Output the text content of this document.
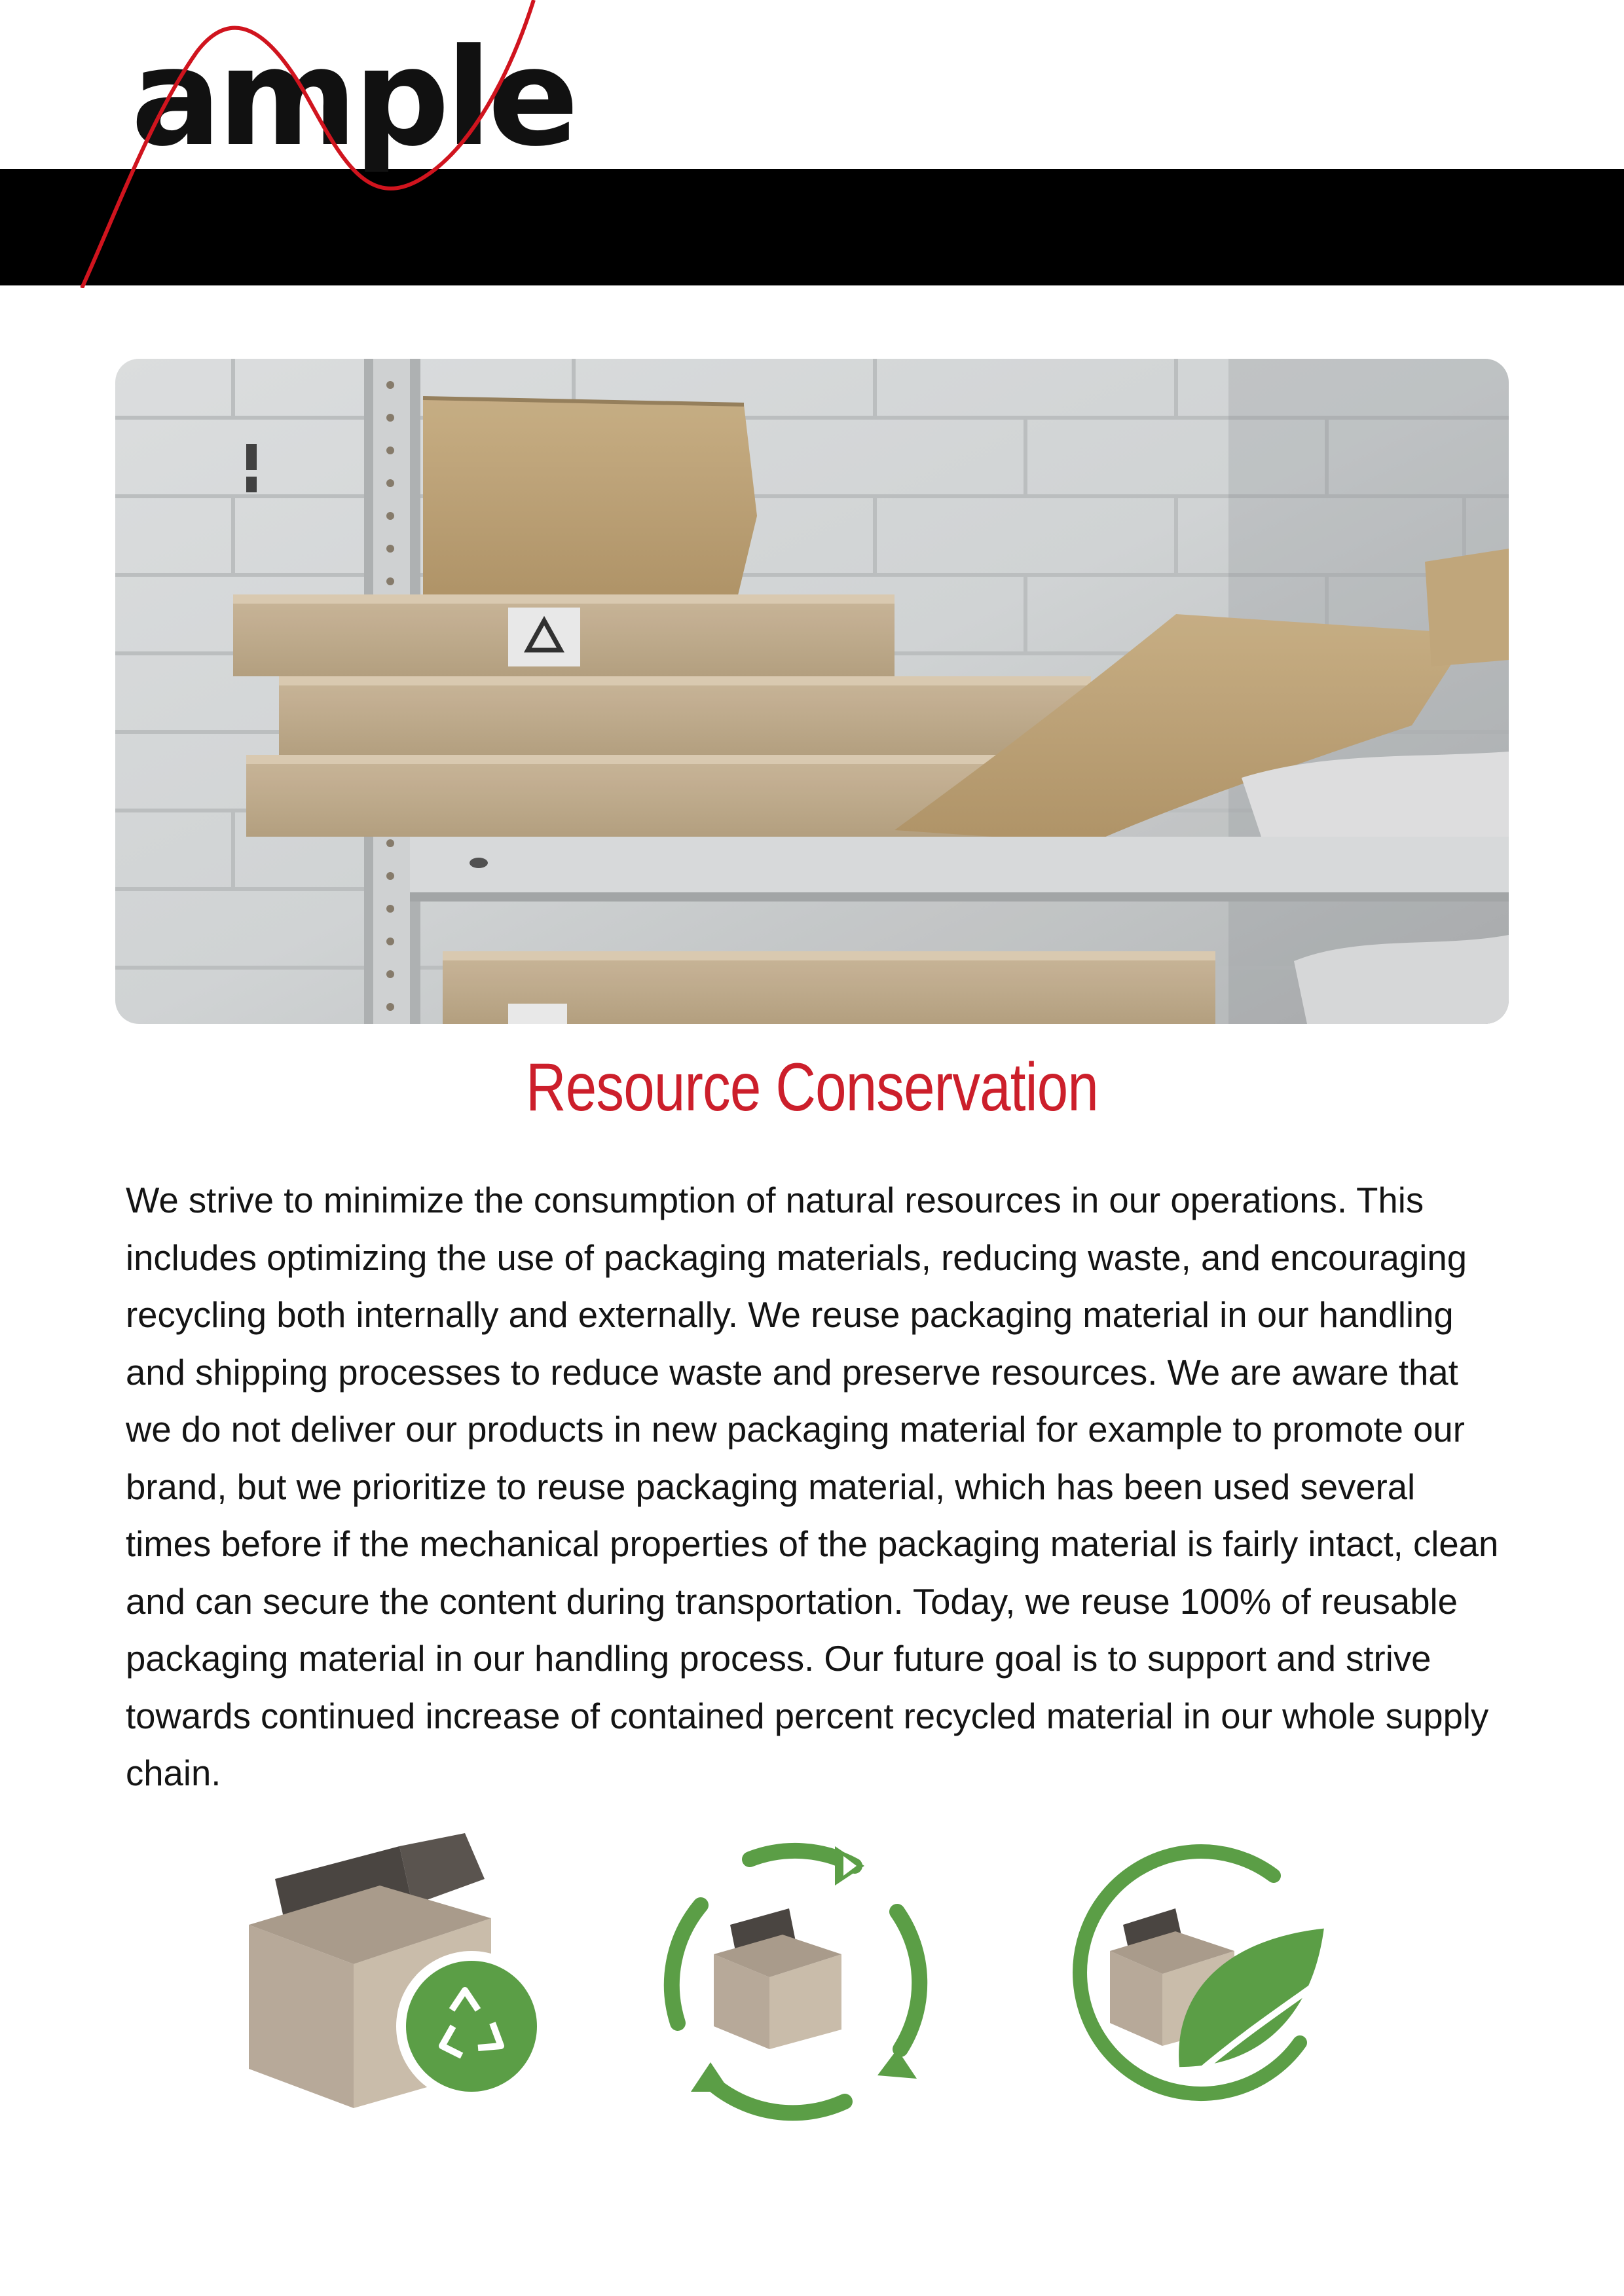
ample
Resource Conservation

We strive to minimize the consumption of natural resources in our operations. This includes optimizing the use of packaging materials, reducing waste, and encouraging recycling both internally and externally. We reuse packaging material in our handling and shipping processes to reduce waste and preserve resources. We are aware that we do not deliver our products in new packaging material for example to promote our brand, but we prioritize to reuse packaging material, which has been used several times before if the mechanical properties of the packaging material is fairly intact, clean and can secure the content during transportation. Today, we reuse 100% of reusable packaging material in our handling process. Our future goal is to support and strive towards continued increase of contained percent recycled material in our whole supply chain.
